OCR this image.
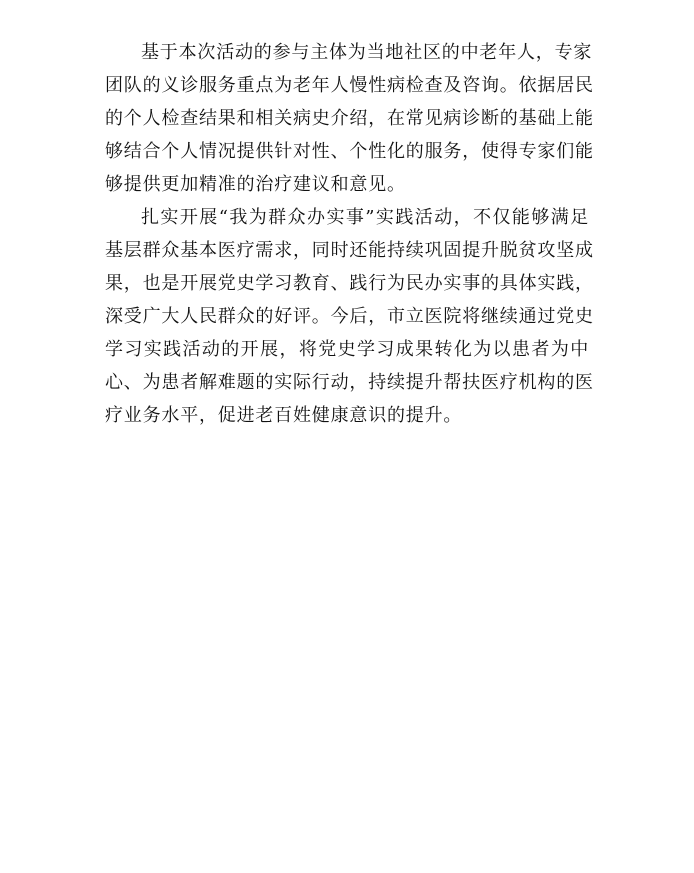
基于本次活动的参与主体为当地社区的中老年人，专家
团队的义诊服务重点为老年人慢性病检查及咨询。依据居民
的个人检查结果和相关病史介绍，在常见病诊断的基础上能
够结合个人情况提供针对性、个性化的服务，使得专家们能
够提供更加精准的治疗建议和意见。
扎实开展“我为群众办实事”实践活动，不仅能够满足
基层群众基本医疗需求，同时还能持续巩固提升脱贫攻坚成
果，也是开展党史学习教育、践行为民办实事的具体实践，
深受广大人民群众的好评。今后，市立医院将继续通过党史
学习实践活动的开展，将党史学习成果转化为以患者为中
心、为患者解难题的实际行动，持续提升帮扶医疗机构的医
疗业务水平，促进老百姓健康意识的提升。
